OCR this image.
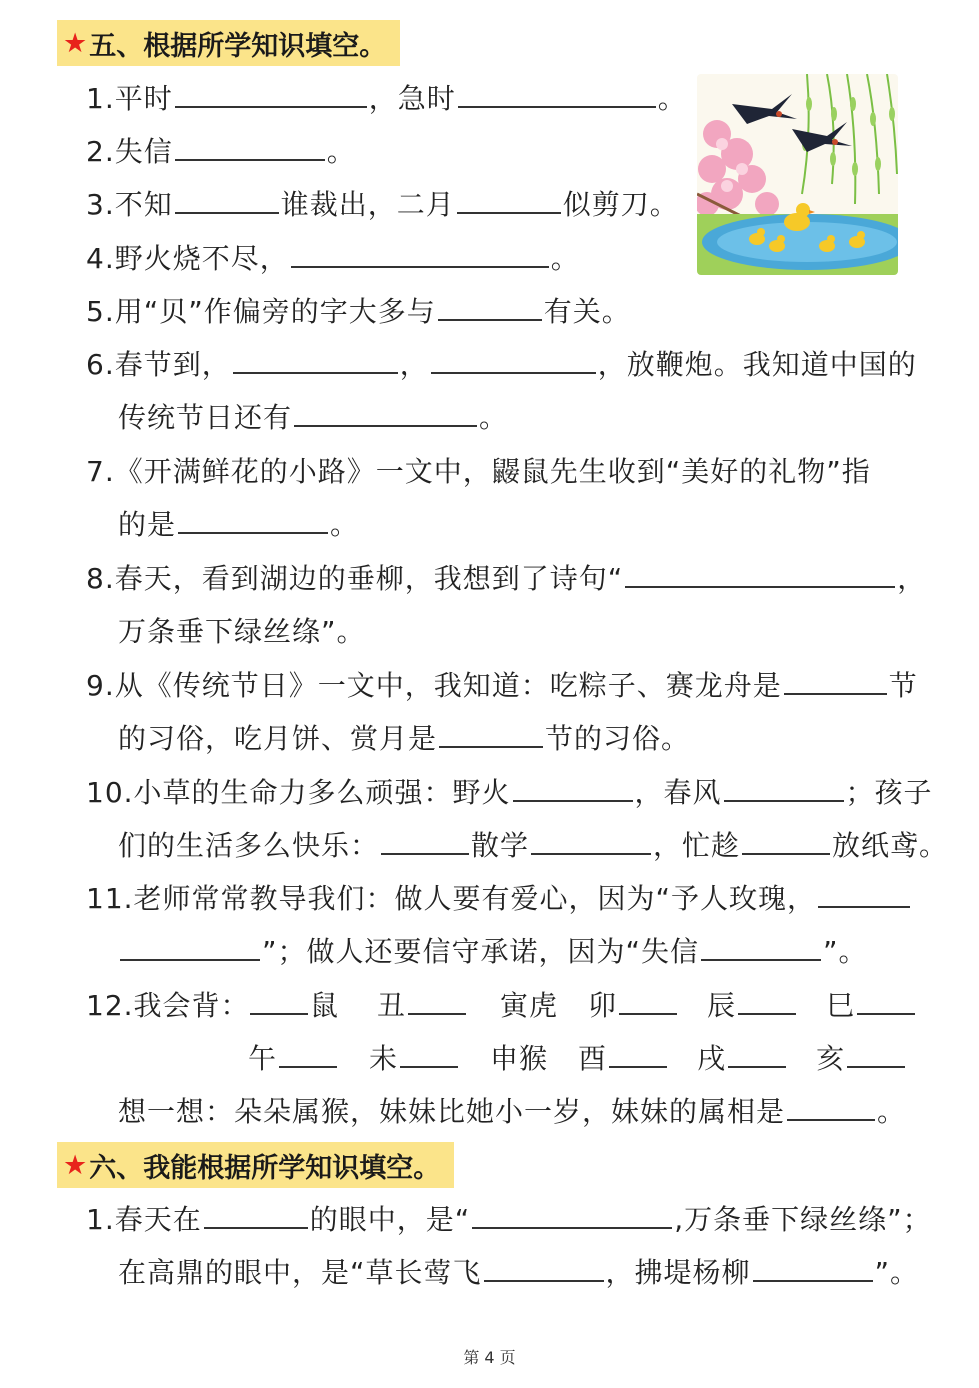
★ 五、根据所学知识填空。
1.平时	，急时	。
2.失信	。
3.不知	谁裁出，二月	似剪刀。
4.野火烧不尽，	。
5.用“贝”作偏旁的字大多与	有关。
6.春节到，	，	，放鞭炮。我知道中国的
传统节日还有	。
7.《开满鲜花的小路》一文中，鼹鼠先生收到“美好的礼物”指
的是	。
8.春天，看到湖边的垂柳，我想到了诗句“	，
万条垂下绿丝绦”。
9.从《传统节日》一文中，我知道：吃粽子、赛龙舟是	节
的习俗，吃月饼、赏月是	节的习俗。
10.小草的生命力多么顽强：野火	，春风	；孩子
们的生活多么快乐：	散学	，忙趁	放纸鸢。
11.老师常常教导我们：做人要有爱心，因为“予人玫瑰，
”；做人还要信守承诺，因为“失信	”。
12.我会背：	鼠 丑	寅虎 卯	辰	巳
午	未	申猴 酉	戌	亥
想一想：朵朵属猴，妹妹比她小一岁，妹妹的属相是	。
★ 六、我能根据所学知识填空。
1.春天在	的眼中，是“	,万条垂下绿丝绦”；
在高鼎的眼中，是“草长莺飞	，拂堤杨柳	”。
第 4 页
